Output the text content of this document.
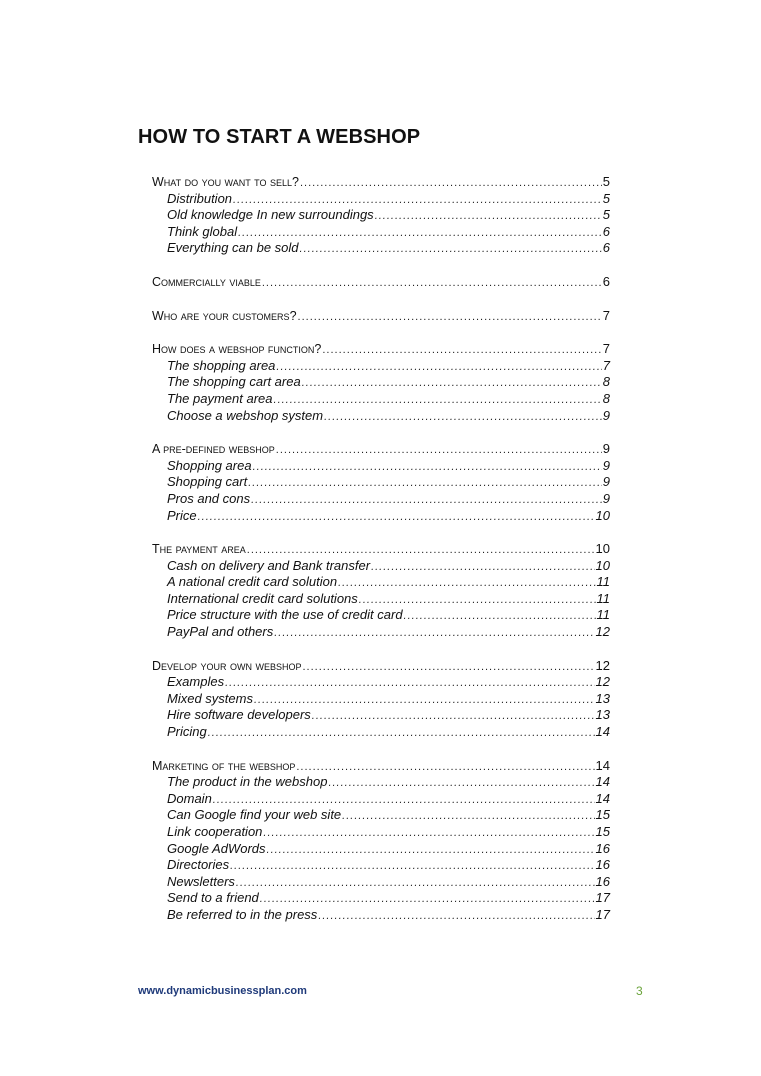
HOW TO START A WEBSHOP
What do you want to sell? .....	5
Distribution .....	5
Old knowledge In new surroundings .....	5
Think global .....	6
Everything can be sold .....	6
Commercially viable .....	6
Who are your customers? .....	7
How does a webshop function? .....	7
The shopping area .....	7
The shopping cart area .....	8
The payment area .....	8
Choose a webshop system .....	9
A pre-defined webshop .....	9
Shopping area .....	9
Shopping cart .....	9
Pros and cons .....	9
Price .....	10
The payment area .....	10
Cash on delivery and Bank transfer .....	10
A national credit card solution .....	11
International credit card solutions .....	11
Price structure with the use of credit card .....	11
PayPal and others .....	12
Develop your own webshop .....	12
Examples .....	12
Mixed systems .....	13
Hire software developers .....	13
Pricing .....	14
Marketing of the webshop .....	14
The product in the webshop .....	14
Domain .....	14
Can Google find your web site .....	15
Link cooperation .....	15
Google AdWords .....	16
Directories .....	16
Newsletters .....	16
Send to a friend .....	17
Be referred to in the press .....	17
www.dynamicbusinessplan.com	3
